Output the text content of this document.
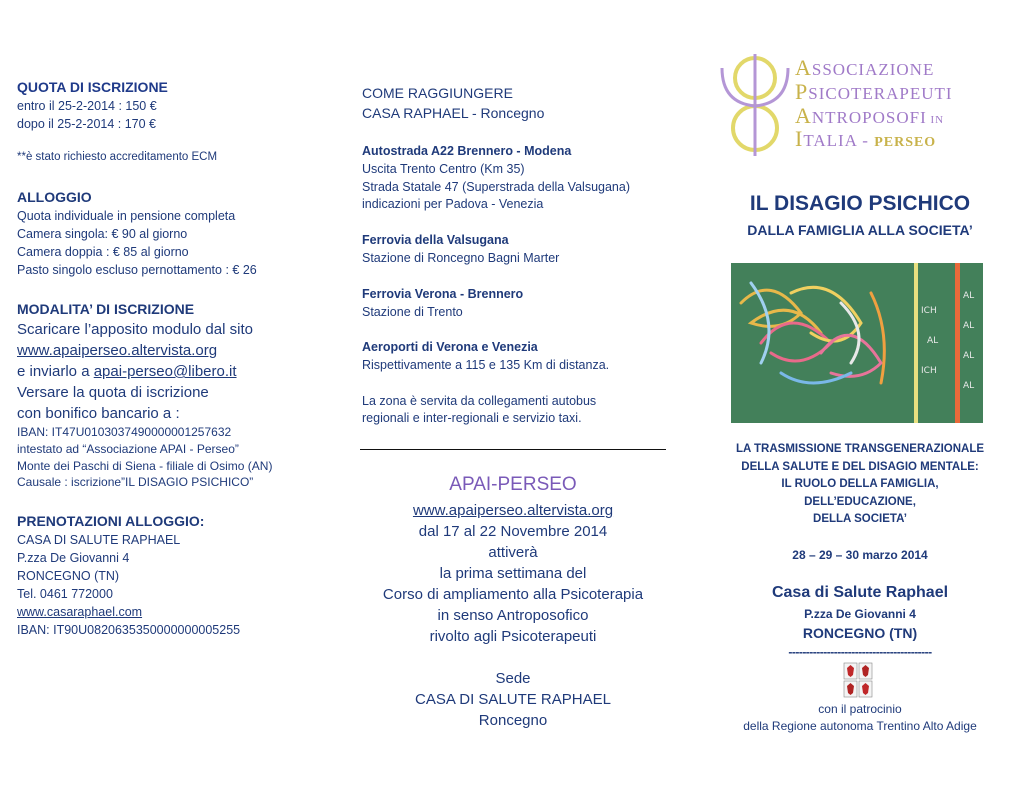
QUOTA DI ISCRIZIONE
entro il 25-2-2014 : 150 €
dopo il 25-2-2014 : 170 €
**è stato richiesto accreditamento ECM
ALLOGGIO
Quota individuale in pensione completa
Camera singola: € 90 al giorno
Camera doppia : € 85 al giorno
Pasto singolo escluso pernottamento : € 26
MODALITA’ DI ISCRIZIONE
Scaricare l’apposito modulo dal sito
www.apaiperseo.altervista.org
e inviarlo a apai-perseo@libero.it
Versare la quota di iscrizione
con bonifico bancario a :
IBAN: IT47U0103037490000001257632
intestato ad “Associazione APAI - Perseo”
Monte dei Paschi di Siena - filiale di Osimo (AN)
Causale : iscrizione”IL DISAGIO PSICHICO”
PRENOTAZIONI ALLOGGIO:
CASA DI SALUTE RAPHAEL
P.zza De Giovanni 4
RONCEGNO (TN)
Tel. 0461 772000
www.casaraphael.com
IBAN: IT90U0820635350000000005255
COME RAGGIUNGERE
CASA RAPHAEL - Roncegno
Autostrada A22 Brennero - Modena
Uscita Trento Centro (Km 35)
Strada Statale 47 (Superstrada della Valsugana)
indicazioni per Padova - Venezia
Ferrovia della Valsugana
Stazione di Roncegno Bagni Marter
Ferrovia Verona - Brennero
Stazione di Trento
Aeroporti di Verona e Venezia
Rispettivamente a 115 e 135 Km di distanza.
La zona è servita da collegamenti autobus
regionali e inter-regionali e servizio taxi.
APAI-PERSEO
www.apaiperseo.altervista.org
dal 17 al 22 Novembre 2014
attiverà
la prima settimana del
Corso di ampliamento alla Psicoterapia
in senso Antroposofico
rivolto agli Psicoterapeuti
Sede
CASA DI SALUTE RAPHAEL
Roncegno
ASSOCIAZIONE
PSICOTERAPEUTI
ANTROPOSOFI IN
ITALIA - PERSEO
IL DISAGIO PSICHICO
DALLA FAMIGLIA ALLA SOCIETA’
ICH
AL
ICH
AL
AL
AL
AL
LA TRASMISSIONE TRANSGENERAZIONALE
DELLA SALUTE E DEL DISAGIO MENTALE:
IL RUOLO DELLA FAMIGLIA,
DELL’EDUCAZIONE,
DELLA SOCIETA’
28 – 29 – 30 marzo 2014
Casa di Salute Raphael
P.zza De Giovanni 4
RONCEGNO (TN)
-----------------------------------------
con il patrocinio
della Regione autonoma Trentino Alto Adige
